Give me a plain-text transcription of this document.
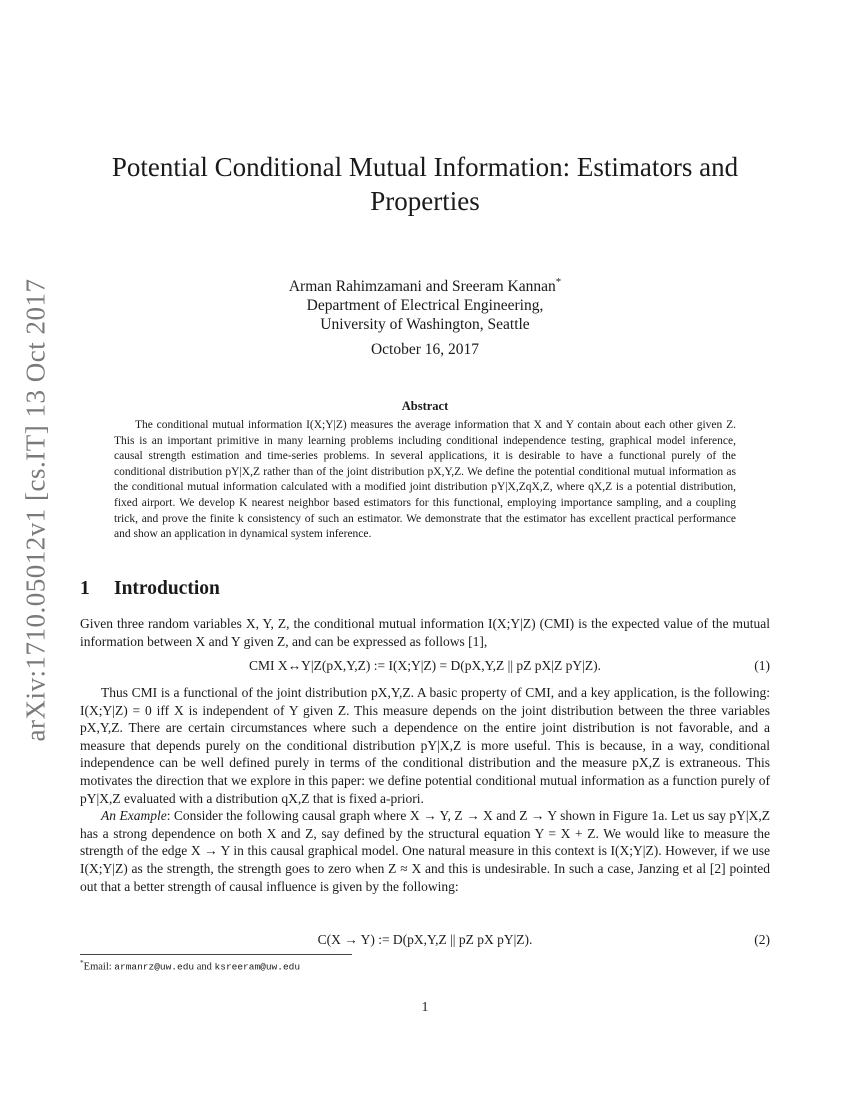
arXiv:1710.05012v1 [cs.IT] 13 Oct 2017
Potential Conditional Mutual Information: Estimators and Properties
Arman Rahimzamani and Sreeram Kannan*
Department of Electrical Engineering,
University of Washington, Seattle
October 16, 2017
Abstract

The conditional mutual information I(X;Y|Z) measures the average information that X and Y contain about each other given Z. This is an important primitive in many learning problems including conditional independence testing, graphical model inference, causal strength estimation and time-series problems. In several applications, it is desirable to have a functional purely of the conditional distribution pY|X,Z rather than of the joint distribution pX,Y,Z. We define the potential conditional mutual information as the conditional mutual information calculated with a modified joint distribution pY|X,ZqX,Z, where qX,Z is a potential distribution, fixed airport. We develop K nearest neighbor based estimators for this functional, employing importance sampling, and a coupling trick, and prove the finite k consistency of such an estimator. We demonstrate that the estimator has excellent practical performance and show an application in dynamical system inference.

1 Introduction

Given three random variables X, Y, Z, the conditional mutual information I(X;Y|Z) (CMI) is the expected value of the mutual information between X and Y given Z, and can be expressed as follows [1],

CMI X↔Y|Z(pX,Y,Z) := I(X;Y|Z) = D(pX,Y,Z || pZ pX|Z pY|Z).	(1)

Thus CMI is a functional of the joint distribution pX,Y,Z. A basic property of CMI, and a key application, is the following: I(X;Y|Z) = 0 iff X is independent of Y given Z. This measure depends on the joint distribution between the three variables pX,Y,Z. There are certain circumstances where such a dependence on the entire joint distribution is not favorable, and a measure that depends purely on the conditional distribution pY|X,Z is more useful. This is because, in a way, conditional independence can be well defined purely in terms of the conditional distribution and the measure pX,Z is extraneous. This motivates the direction that we explore in this paper: we define potential conditional mutual information as a function purely of pY|X,Z evaluated with a distribution qX,Z that is fixed a-priori.

An Example: Consider the following causal graph where X → Y, Z → X and Z → Y shown in Figure 1a. Let us say pY|X,Z has a strong dependence on both X and Z, say defined by the structural equation Y = X + Z. We would like to measure the strength of the edge X → Y in this causal graphical model. One natural measure in this context is I(X;Y|Z). However, if we use I(X;Y|Z) as the strength, the strength goes to zero when Z ≈ X and this is undesirable. In such a case, Janzing et al [2] pointed out that a better strength of causal influence is given by the following:

C(X → Y) := D(pX,Y,Z || pZ pX pY|Z).	(2)
*Email: armanrz@uw.edu and ksreeram@uw.edu
1
